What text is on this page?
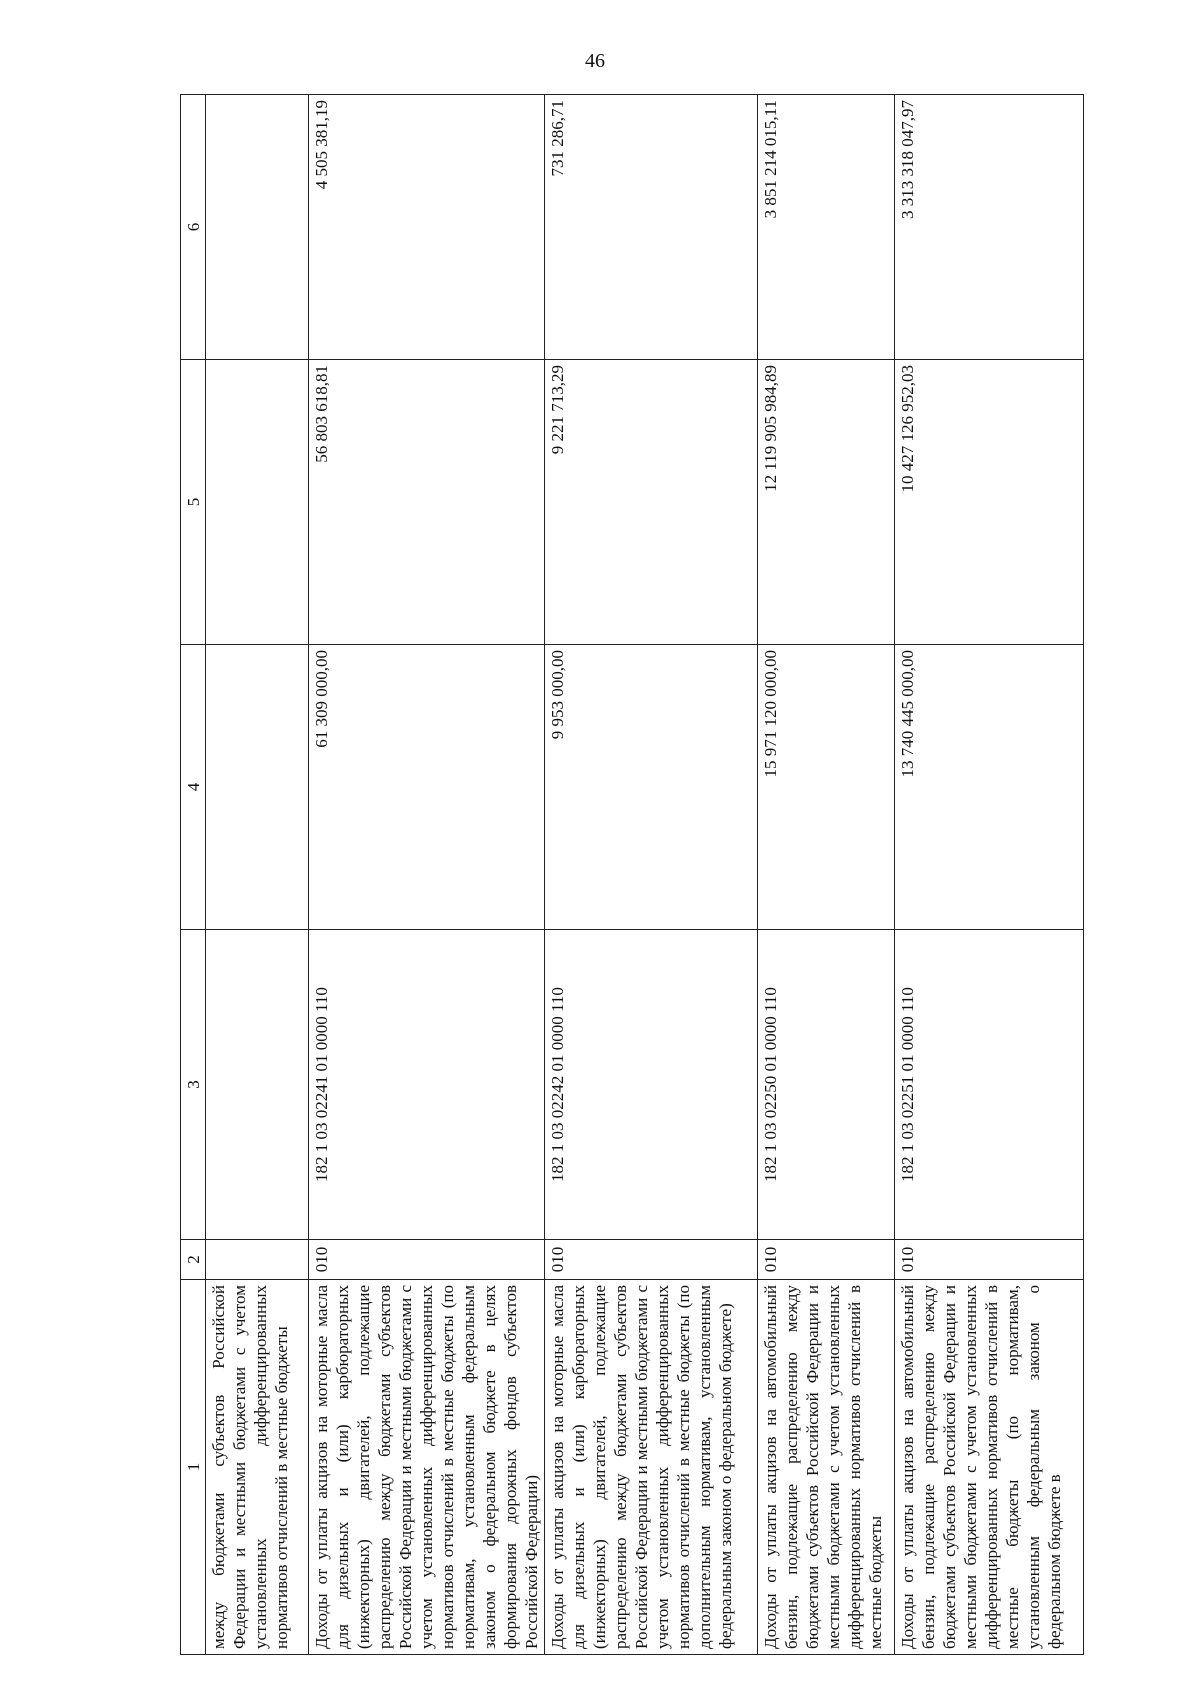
46
1	2	3	4	5	6
между бюджетами субъектов Российской Федерации и местными бюджетами с учетом установленных дифференцированных нормативов отчислений в местные бюджеты					
Доходы от уплаты акцизов на моторные масла для дизельных и (или) карбюраторных (инжекторных) двигателей, подлежащие распределению между бюджетами субъектов Российской Федерации и местными бюджетами с учетом установленных дифференцированных нормативов отчислений в местные бюджеты (по нормативам, установленным федеральным законом о федеральном бюджете в целях формирования дорожных фондов субъектов Российской Федерации)	010	182 1 03 02241 01 0000 110	61 309 000,00	56 803 618,81	4 505 381,19
Доходы от уплаты акцизов на моторные масла для дизельных и (или) карбюраторных (инжекторных) двигателей, подлежащие распределению между бюджетами субъектов Российской Федерации и местными бюджетами с учетом установленных дифференцированных нормативов отчислений в местные бюджеты (по дополнительным нормативам, установленным федеральным законом о федеральном бюджете)	010	182 1 03 02242 01 0000 110	9 953 000,00	9 221 713,29	731 286,71
Доходы от уплаты акцизов на автомобильный бензин, подлежащие распределению между бюджетами субъектов Российской Федерации и местными бюджетами с учетом установленных дифференцированных нормативов отчислений в местные бюджеты	010	182 1 03 02250 01 0000 110	15 971 120 000,00	12 119 905 984,89	3 851 214 015,11
Доходы от уплаты акцизов на автомобильный бензин, подлежащие распределению между бюджетами субъектов Российской Федерации и местными бюджетами с учетом установленных дифференцированных нормативов отчислений в местные бюджеты (по нормативам, установленным федеральным законом о федеральном бюджете в	010	182 1 03 02251 01 0000 110	13 740 445 000,00	10 427 126 952,03	3 313 318 047,97
